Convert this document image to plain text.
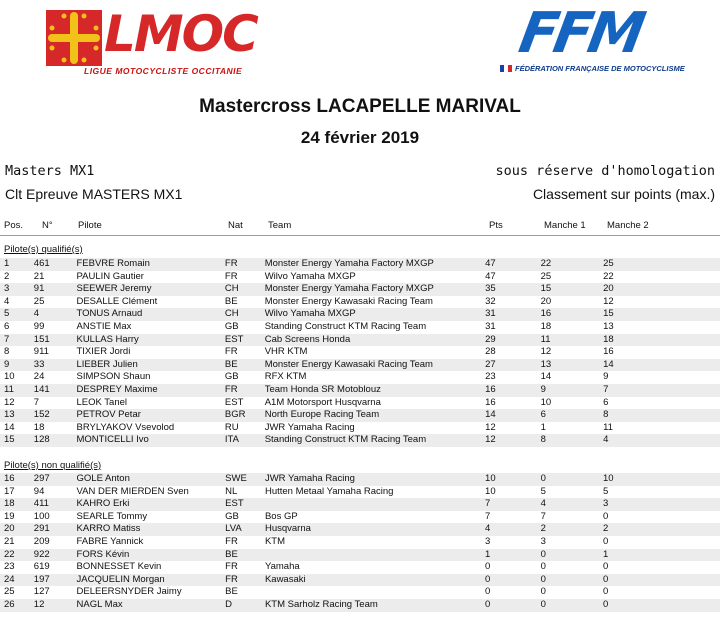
LMOC
LIGUE MOTOCYCLISTE OCCITANIE
FFM
FÉDÉRATION FRANÇAISE DE MOTOCYCLISME
Mastercross LACAPELLE MARIVAL
24 février 2019
Masters MX1	sous réserve d'homologation
Clt Epreuve MASTERS MX1	Classement sur points (max.)
Pos. N°	Pilote	Nat	Team	Pts	Manche 1 Manche 2
Pilote(s) qualifié(s)
1	461	FEBVRE Romain	FR	Monster Energy Yamaha Factory MXGP	47	22	25
2	21	PAULIN Gautier	FR	Wilvo Yamaha MXGP	47	25	22
3	91	SEEWER Jeremy	CH	Monster Energy Yamaha Factory MXGP	35	15	20
4	25	DESALLE Clément	BE	Monster Energy Kawasaki Racing Team	32	20	12
5	4	TONUS Arnaud	CH	Wilvo Yamaha MXGP	31	16	15
6	99	ANSTIE Max	GB	Standing Construct KTM Racing Team	31	18	13
7	151	KULLAS Harry	EST	Cab Screens Honda	29	11	18
8	911	TIXIER Jordi	FR	VHR KTM	28	12	16
9	33	LIEBER Julien	BE	Monster Energy Kawasaki Racing Team	27	13	14
10	24	SIMPSON Shaun	GB	RFX KTM	23	14	9
11	141	DESPREY Maxime	FR	Team Honda SR Motoblouz	16	9	7
12	7	LEOK Tanel	EST	A1M Motorsport Husqvarna	16	10	6
13	152	PETROV Petar	BGR	North Europe Racing Team	14	6	8
14	18	BRYLYAKOV Vsevolod	RU	JWR Yamaha Racing	12	1	11
15	128	MONTICELLI Ivo	ITA	Standing Construct KTM Racing Team	12	8	4
Pilote(s) non qualifié(s)
16	297	GOLE Anton	SWE	JWR Yamaha Racing	10	0	10
17	94	VAN DER MIERDEN Sven	NL	Hutten Metaal Yamaha Racing	10	5	5
18	411	KAHRO Erki	EST		7	4	3
19	100	SEARLE Tommy	GB	Bos GP	7	7	0
20	291	KARRO Matiss	LVA	Husqvarna	4	2	2
21	209	FABRE Yannick	FR	KTM	3	3	0
22	922	FORS Kévin	BE		1	0	1
23	619	BONNESSET Kevin	FR	Yamaha	0	0	0
24	197	JACQUELIN Morgan	FR	Kawasaki	0	0	0
25	127	DELEERSNYDER Jaimy	BE		0	0	0
26	12	NAGL Max	D	KTM Sarholz Racing Team	0	0	0
